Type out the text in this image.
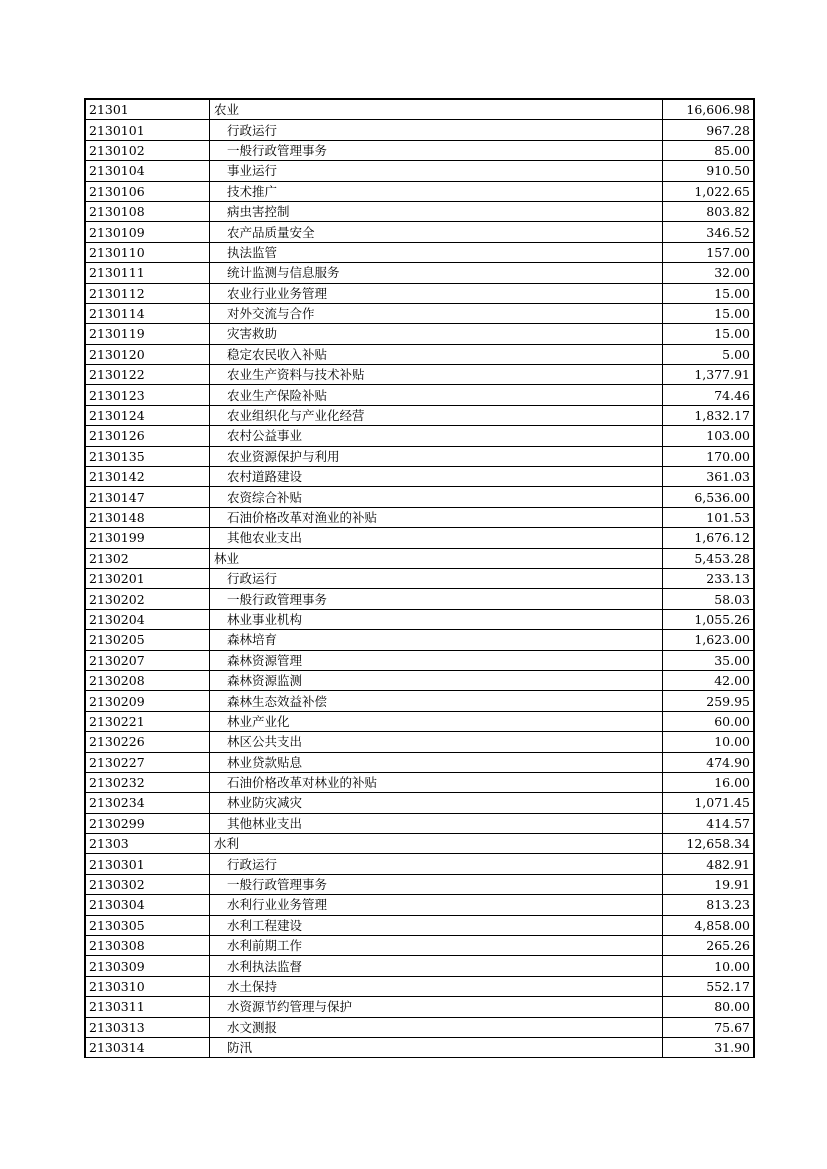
21301	农业	16,606.98
2130101	行政运行	967.28
2130102	一般行政管理事务	85.00
2130104	事业运行	910.50
2130106	技术推广	1,022.65
2130108	病虫害控制	803.82
2130109	农产品质量安全	346.52
2130110	执法监管	157.00
2130111	统计监测与信息服务	32.00
2130112	农业行业业务管理	15.00
2130114	对外交流与合作	15.00
2130119	灾害救助	15.00
2130120	稳定农民收入补贴	5.00
2130122	农业生产资料与技术补贴	1,377.91
2130123	农业生产保险补贴	74.46
2130124	农业组织化与产业化经营	1,832.17
2130126	农村公益事业	103.00
2130135	农业资源保护与利用	170.00
2130142	农村道路建设	361.03
2130147	农资综合补贴	6,536.00
2130148	石油价格改革对渔业的补贴	101.53
2130199	其他农业支出	1,676.12
21302	林业	5,453.28
2130201	行政运行	233.13
2130202	一般行政管理事务	58.03
2130204	林业事业机构	1,055.26
2130205	森林培育	1,623.00
2130207	森林资源管理	35.00
2130208	森林资源监测	42.00
2130209	森林生态效益补偿	259.95
2130221	林业产业化	60.00
2130226	林区公共支出	10.00
2130227	林业贷款贴息	474.90
2130232	石油价格改革对林业的补贴	16.00
2130234	林业防灾减灾	1,071.45
2130299	其他林业支出	414.57
21303	水利	12,658.34
2130301	行政运行	482.91
2130302	一般行政管理事务	19.91
2130304	水利行业业务管理	813.23
2130305	水利工程建设	4,858.00
2130308	水利前期工作	265.26
2130309	水利执法监督	10.00
2130310	水土保持	552.17
2130311	水资源节约管理与保护	80.00
2130313	水文测报	75.67
2130314	防汛	31.90
